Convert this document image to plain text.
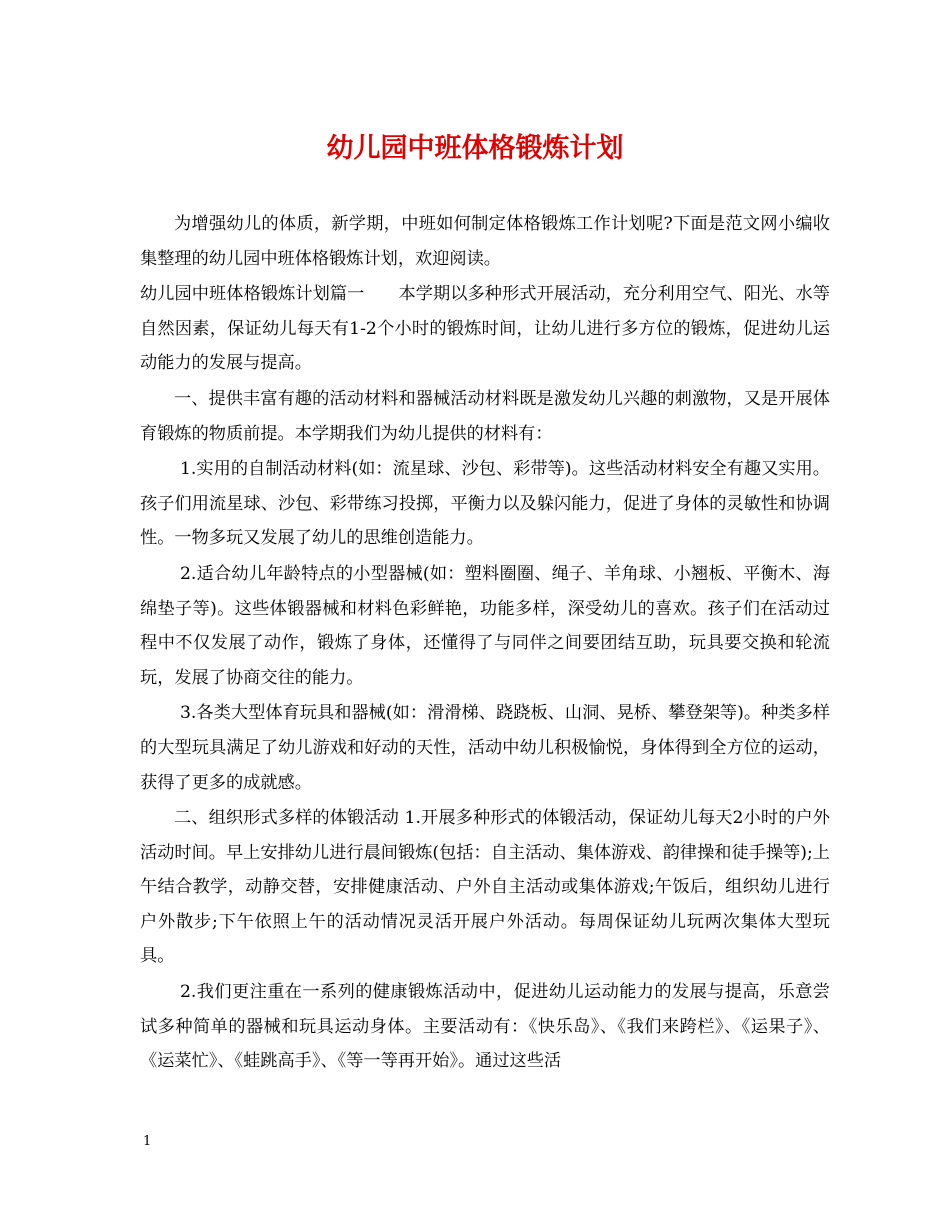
幼儿园中班体格锻炼计划

为增强幼儿的体质，新学期，中班如何制定体格锻炼工作计划呢?下面是范文网小编收集整理的幼儿园中班体格锻炼计划，欢迎阅读。

幼儿园中班体格锻炼计划篇一 本学期以多种形式开展活动，充分利用空气、阳光、水等自然因素，保证幼儿每天有1-2个小时的锻炼时间，让幼儿进行多方位的锻炼，促进幼儿运动能力的发展与提高。

一、提供丰富有趣的活动材料和器械活动材料既是激发幼儿兴趣的刺激物，又是开展体育锻炼的物质前提。本学期我们为幼儿提供的材料有：

1.实用的自制活动材料(如：流星球、沙包、彩带等)。这些活动材料安全有趣又实用。孩子们用流星球、沙包、彩带练习投掷，平衡力以及躲闪能力，促进了身体的灵敏性和协调性。一物多玩又发展了幼儿的思维创造能力。

2.适合幼儿年龄特点的小型器械(如：塑料圈圈、绳子、羊角球、小翘板、平衡木、海绵垫子等)。这些体锻器械和材料色彩鲜艳，功能多样，深受幼儿的喜欢。孩子们在活动过程中不仅发展了动作，锻炼了身体，还懂得了与同伴之间要团结互助，玩具要交换和轮流玩，发展了协商交往的能力。

3.各类大型体育玩具和器械(如：滑滑梯、跷跷板、山洞、晃桥、攀登架等)。种类多样的大型玩具满足了幼儿游戏和好动的天性，活动中幼儿积极愉悦，身体得到全方位的运动，获得了更多的成就感。

二、组织形式多样的体锻活动 1.开展多种形式的体锻活动，保证幼儿每天2小时的户外活动时间。早上安排幼儿进行晨间锻炼(包括：自主活动、集体游戏、韵律操和徒手操等);上午结合教学，动静交替，安排健康活动、户外自主活动或集体游戏;午饭后，组织幼儿进行户外散步;下午依照上午的活动情况灵活开展户外活动。每周保证幼儿玩两次集体大型玩具。

2.我们更注重在一系列的健康锻炼活动中，促进幼儿运动能力的发展与提高，乐意尝试多种简单的器械和玩具运动身体。主要活动有：《快乐岛》、《我们来跨栏》、《运果子》、《运菜忙》、《蛙跳高手》、《等一等再开始》。通过这些活

1
